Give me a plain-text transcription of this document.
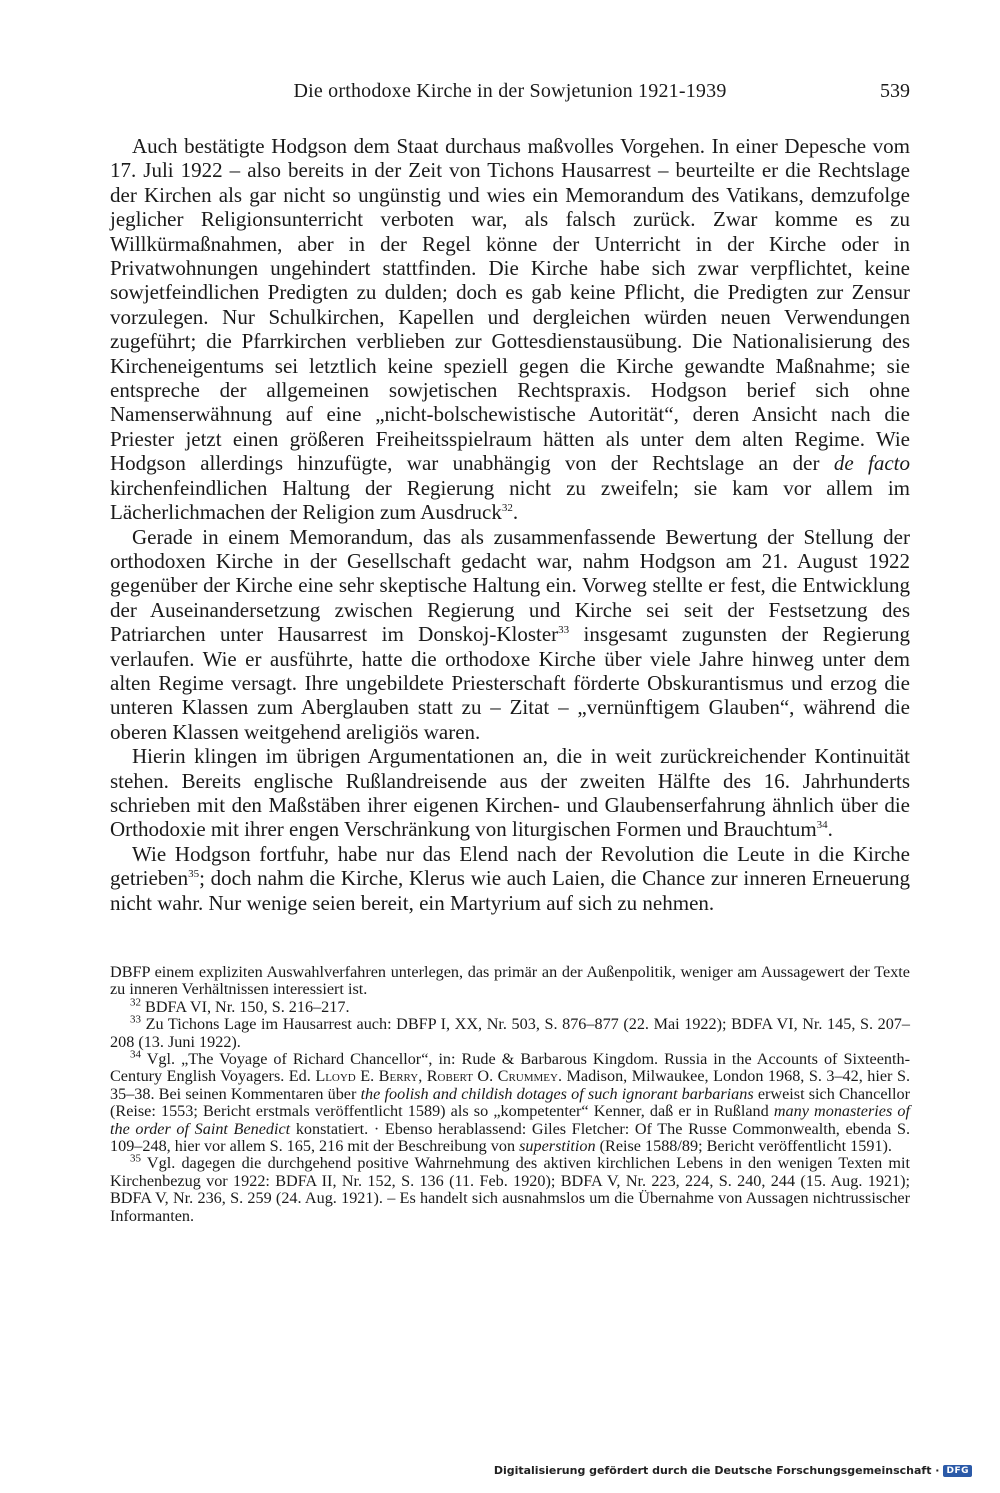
Die orthodoxe Kirche in der Sowjetunion 1921-1939	539

Auch bestätigte Hodgson dem Staat durchaus maßvolles Vorgehen. In einer Depesche vom 17. Juli 1922 – also bereits in der Zeit von Tichons Hausarrest – beurteilte er die Rechtslage der Kirchen als gar nicht so ungünstig und wies ein Memorandum des Vatikans, demzufolge jeglicher Religionsunterricht verboten war, als falsch zurück. Zwar komme es zu Willkürmaßnahmen, aber in der Regel könne der Unterricht in der Kirche oder in Privatwohnungen ungehindert stattfinden. Die Kirche habe sich zwar verpflichtet, keine sowjetfeindlichen Predigten zu dulden; doch es gab keine Pflicht, die Predigten zur Zensur vorzulegen. Nur Schulkirchen, Kapellen und dergleichen würden neuen Verwendungen zugeführt; die Pfarrkirchen verblieben zur Gottesdienstausübung. Die Nationalisierung des Kircheneigentums sei letztlich keine speziell gegen die Kirche gewandte Maßnahme; sie entspreche der allgemeinen sowjetischen Rechtspraxis. Hodgson berief sich ohne Namenserwähnung auf eine „nicht-bolschewistische Autorität“, deren Ansicht nach die Priester jetzt einen größeren Freiheitsspielraum hätten als unter dem alten Regime. Wie Hodgson allerdings hinzufügte, war unabhängig von der Rechtslage an der de facto kirchenfeindlichen Haltung der Regierung nicht zu zweifeln; sie kam vor allem im Lächerlichmachen der Religion zum Ausdruck$^{32}$.

Gerade in einem Memorandum, das als zusammenfassende Bewertung der Stellung der orthodoxen Kirche in der Gesellschaft gedacht war, nahm Hodgson am 21. August 1922 gegenüber der Kirche eine sehr skeptische Haltung ein. Vorweg stellte er fest, die Entwicklung der Auseinandersetzung zwischen Regierung und Kirche sei seit der Festsetzung des Patriarchen unter Hausarrest im Donskoj-Kloster$^{33}$ insgesamt zugunsten der Regierung verlaufen. Wie er ausführte, hatte die orthodoxe Kirche über viele Jahre hinweg unter dem alten Regime versagt. Ihre ungebildete Priesterschaft förderte Obskurantismus und erzog die unteren Klassen zum Aberglauben statt zu – Zitat – „vernünftigem Glauben“, während die oberen Klassen weitgehend areligiös waren.

Hierin klingen im übrigen Argumentationen an, die in weit zurückreichender Kontinuität stehen. Bereits englische Rußlandreisende aus der zweiten Hälfte des 16. Jahrhunderts schrieben mit den Maßstäben ihrer eigenen Kirchen- und Glaubenserfahrung ähnlich über die Orthodoxie mit ihrer engen Verschränkung von liturgischen Formen und Brauchtum$^{34}$.

Wie Hodgson fortfuhr, habe nur das Elend nach der Revolution die Leute in die Kirche getrieben$^{35}$; doch nahm die Kirche, Klerus wie auch Laien, die Chance zur inneren Erneuerung nicht wahr. Nur wenige seien bereit, ein Martyrium auf sich zu nehmen.

DBFP einem expliziten Auswahlverfahren unterlegen, das primär an der Außenpolitik, weniger am Aussagewert der Texte zu inneren Verhältnissen interessiert ist.

$^{32}$ BDFA VI, Nr. 150, S. 216–217.

$^{33}$ Zu Tichons Lage im Hausarrest auch: DBFP I, XX, Nr. 503, S. 876–877 (22. Mai 1922); BDFA VI, Nr. 145, S. 207–208 (13. Juni 1922).

$^{34}$ Vgl. „The Voyage of Richard Chancellor“, in: Rude & Barbarous Kingdom. Russia in the Accounts of Sixteenth-Century English Voyagers. Ed. Lloyd E. Berry, Robert O. Crummey. Madison, Milwaukee, London 1968, S. 3–42, hier S. 35–38. Bei seinen Kommentaren über the foolish and childish dotages of such ignorant barbarians erweist sich Chancellor (Reise: 1553; Bericht erstmals veröffentlicht 1589) als so „kompetenter“ Kenner, daß er in Rußland many monasteries of the order of Saint Benedict konstatiert. · Ebenso herablassend: Giles Fletcher: Of The Russe Commonwealth, ebenda S. 109–248, hier vor allem S. 165, 216 mit der Beschreibung von superstition (Reise 1588/89; Bericht veröffentlicht 1591).

$^{35}$ Vgl. dagegen die durchgehend positive Wahrnehmung des aktiven kirchlichen Lebens in den wenigen Texten mit Kirchenbezug vor 1922: BDFA II, Nr. 152, S. 136 (11. Feb. 1920); BDFA V, Nr. 223, 224, S. 240, 244 (15. Aug. 1921); BDFA V, Nr. 236, S. 259 (24. Aug. 1921). – Es handelt sich ausnahmslos um die Übernahme von Aussagen nichtrussischer Informanten.

Digitalisierung gefördert durch die Deutsche Forschungsgemeinschaft · DFG
